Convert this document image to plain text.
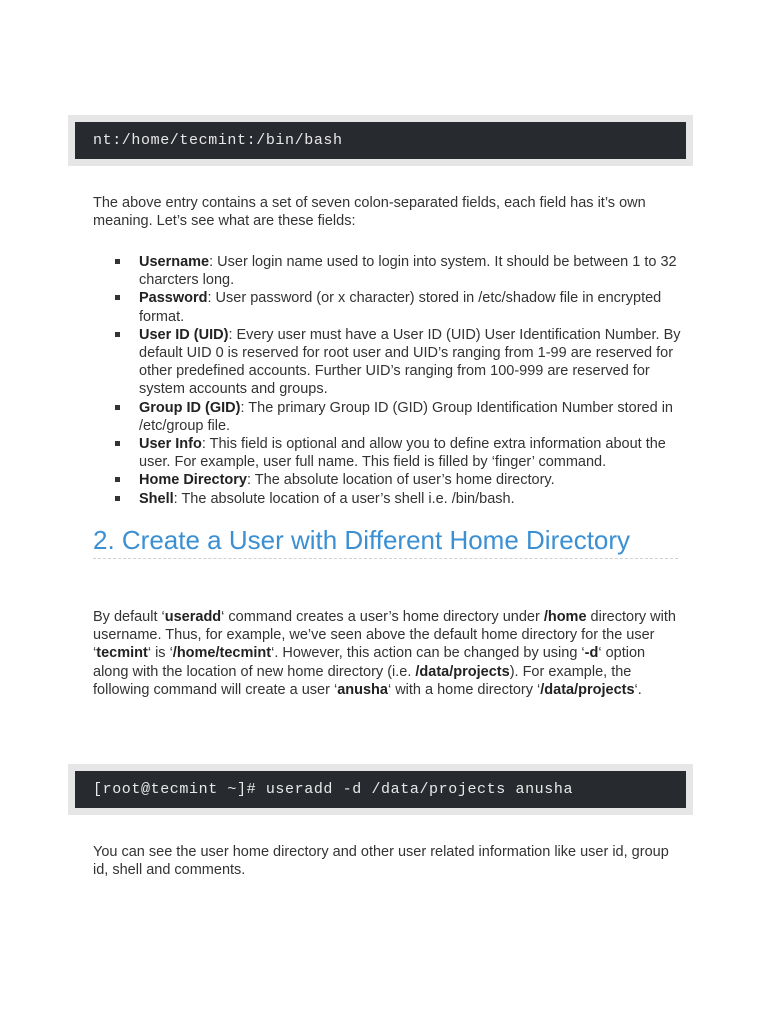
nt:/home/tecmint:/bin/bash

The above entry contains a set of seven colon-separated fields, each field has it’s own meaning. Let’s see what are these fields:

Username: User login name used to login into system. It should be between 1 to 32 charcters long.
Password: User password (or x character) stored in /etc/shadow file in encrypted format.
User ID (UID): Every user must have a User ID (UID) User Identification Number. By default UID 0 is reserved for root user and UID’s ranging from 1-99 are reserved for other predefined accounts. Further UID’s ranging from 100-999 are reserved for system accounts and groups.
Group ID (GID): The primary Group ID (GID) Group Identification Number stored in /etc/group file.
User Info: This field is optional and allow you to define extra information about the user. For example, user full name. This field is filled by ‘finger’ command.
Home Directory: The absolute location of user’s home directory.
Shell: The absolute location of a user’s shell i.e. /bin/bash.
2. Create a User with Different Home Directory

By default ‘useradd‘ command creates a user’s home directory under /home directory with username. Thus, for example, we’ve seen above the default home directory for the user ‘tecmint‘ is ‘/home/tecmint‘. However, this action can be changed by using ‘-d‘ option along with the location of new home directory (i.e. /data/projects). For example, the following command will create a user ‘anusha‘ with a home directory ‘/data/projects‘.

[root@tecmint ~]# useradd -d /data/projects anusha

You can see the user home directory and other user related information like user id, group id, shell and comments.
